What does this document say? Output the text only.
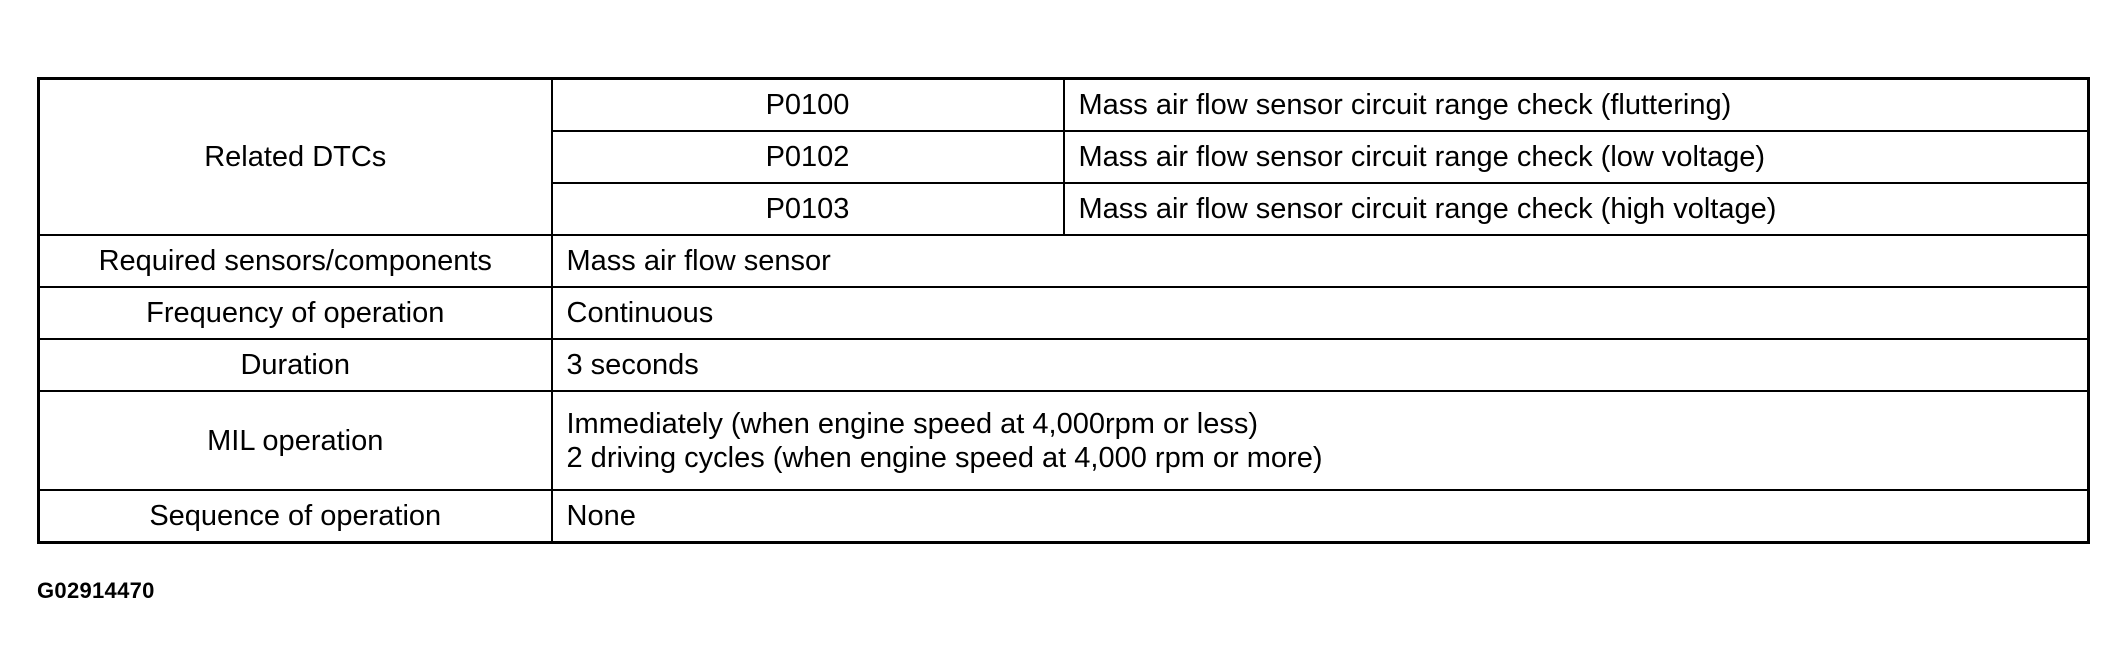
Related DTCs	P0100	Mass air flow sensor circuit range check (fluttering)
	P0102	Mass air flow sensor circuit range check (low voltage)
	P0103	Mass air flow sensor circuit range check (high voltage)
Required sensors/components	Mass air flow sensor	
Frequency of operation	Continuous	
Duration	3 seconds	
MIL operation	Immediately (when engine speed at 4,000rpm or less)
2 driving cycles (when engine speed at 4,000 rpm or more)	

Sequence of operation	None	
G02914470
